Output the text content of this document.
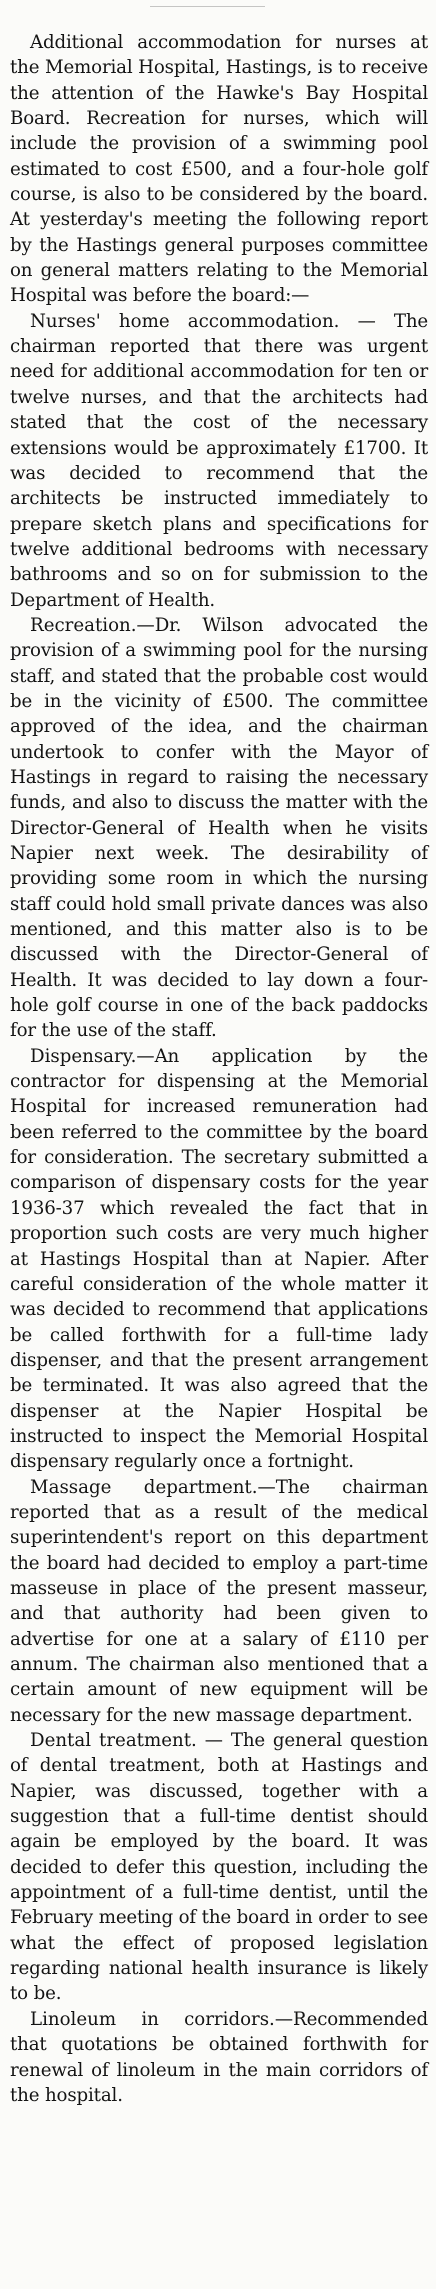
Additional accommodation for nurses at the Memorial Hospital, Hastings, is to receive the attention of the Hawke's Bay Hospital Board. Recreation for nurses, which will include the provision of a swimming pool estimated to cost £500, and a four-hole golf course, is also to be considered by the board. At yesterday's meeting the following report by the Hastings general purposes committee on general matters relating to the Memorial Hospital was before the board:—

Nurses' home accommodation. — The chairman reported that there was urgent need for additional accommodation for ten or twelve nurses, and that the architects had stated that the cost of the necessary extensions would be approximately £1700. It was decided to recommend that the architects be instructed immediately to prepare sketch plans and specifications for twelve additional bedrooms with necessary bathrooms and so on for submission to the Department of Health.

Recreation.—Dr. Wilson advocated the provision of a swimming pool for the nursing staff, and stated that the probable cost would be in the vicinity of £500. The committee approved of the idea, and the chairman undertook to confer with the Mayor of Hastings in regard to raising the necessary funds, and also to discuss the matter with the Director-General of Health when he visits Napier next week. The desirability of providing some room in which the nursing staff could hold small private dances was also mentioned, and this matter also is to be discussed with the Director-General of Health. It was decided to lay down a four-hole golf course in one of the back paddocks for the use of the staff.

Dispensary.—An application by the contractor for dispensing at the Memorial Hospital for increased remuneration had been referred to the committee by the board for consideration. The secretary submitted a comparison of dispensary costs for the year 1936-37 which revealed the fact that in proportion such costs are very much higher at Hastings Hospital than at Napier. After careful consideration of the whole matter it was decided to recommend that applications be called forthwith for a full-time lady dispenser, and that the present arrangement be terminated. It was also agreed that the dispenser at the Napier Hospital be instructed to inspect the Memorial Hospital dispensary regularly once a fortnight.

Massage department.—The chairman reported that as a result of the medical superintendent's report on this department the board had decided to employ a part-time masseuse in place of the present masseur, and that authority had been given to advertise for one at a salary of £110 per annum. The chairman also mentioned that a certain amount of new equipment will be necessary for the new massage department.

Dental treatment. — The general question of dental treatment, both at Hastings and Napier, was discussed, together with a suggestion that a full-time dentist should again be employed by the board. It was decided to defer this question, including the appointment of a full-time dentist, until the February meeting of the board in order to see what the effect of proposed legislation regarding national health insurance is likely to be.

Linoleum in corridors.—Recommended that quotations be obtained forthwith for renewal of linoleum in the main corridors of the hospital.
